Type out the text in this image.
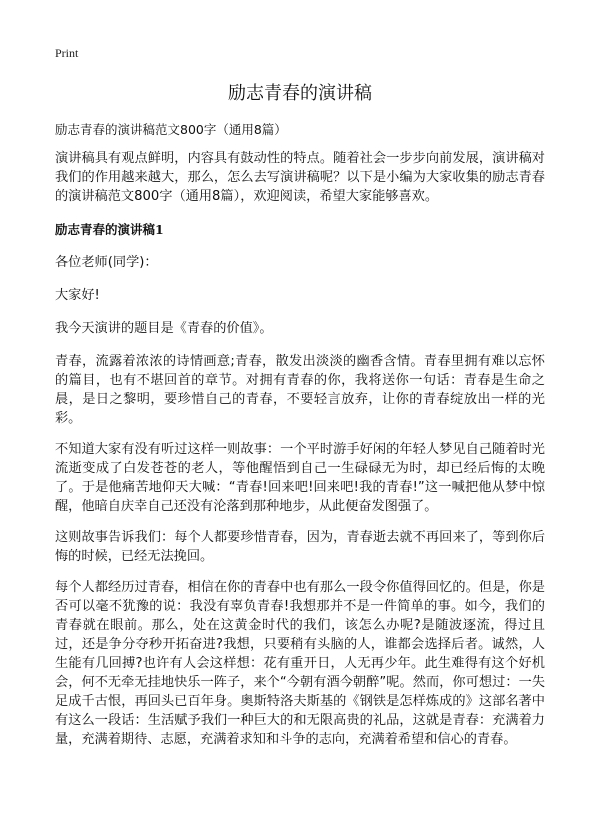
Print
励志青春的演讲稿
励志青春的演讲稿范文800字（通用8篇）

演讲稿具有观点鲜明，内容具有鼓动性的特点。随着社会一步步向前发展，演讲稿对我们的作用越来越大，那么，怎么去写演讲稿呢？以下是小编为大家收集的励志青春的演讲稿范文800字（通用8篇），欢迎阅读，希望大家能够喜欢。

励志青春的演讲稿1

各位老师(同学)：

大家好!

我今天演讲的题目是《青春的价值》。

青春，流露着浓浓的诗情画意;青春，散发出淡淡的幽香含情。青春里拥有难以忘怀的篇目，也有不堪回首的章节。对拥有青春的你，我将送你一句话：青春是生命之晨，是日之黎明，要珍惜自己的青春，不要轻言放弃，让你的青春绽放出一样的光彩。

不知道大家有没有听过这样一则故事：一个平时游手好闲的年轻人梦见自己随着时光流逝变成了白发苍苍的老人，等他醒悟到自己一生碌碌无为时，却已经后悔的太晚了。于是他痛苦地仰天大喊：“青春!回来吧!回来吧!我的青春!”这一喊把他从梦中惊醒，他暗自庆幸自己还没有沦落到那种地步，从此便奋发图强了。

这则故事告诉我们：每个人都要珍惜青春，因为，青春逝去就不再回来了，等到你后悔的时候，已经无法挽回。

每个人都经历过青春，相信在你的青春中也有那么一段令你值得回忆的。但是，你是否可以毫不犹豫的说：我没有辜负青春!我想那并不是一件简单的事。如今，我们的青春就在眼前。那么，处在这黄金时代的我们，该怎么办呢?是随波逐流，得过且过，还是争分夺秒开拓奋进?我想，只要稍有头脑的人，谁都会选择后者。诚然，人生能有几回搏?也许有人会这样想：花有重开日，人无再少年。此生难得有这个好机会，何不无牵无挂地快乐一阵子，来个“今朝有酒今朝醉”呢。然而，你可想过：一失足成千古恨，再回头已百年身。奥斯特洛夫斯基的《钢铁是怎样炼成的》这部名著中有这么一段话：生活赋予我们一种巨大的和无限高贵的礼品，这就是青春：充满着力量，充满着期待、志愿，充满着求知和斗争的志向，充满着希望和信心的青春。
